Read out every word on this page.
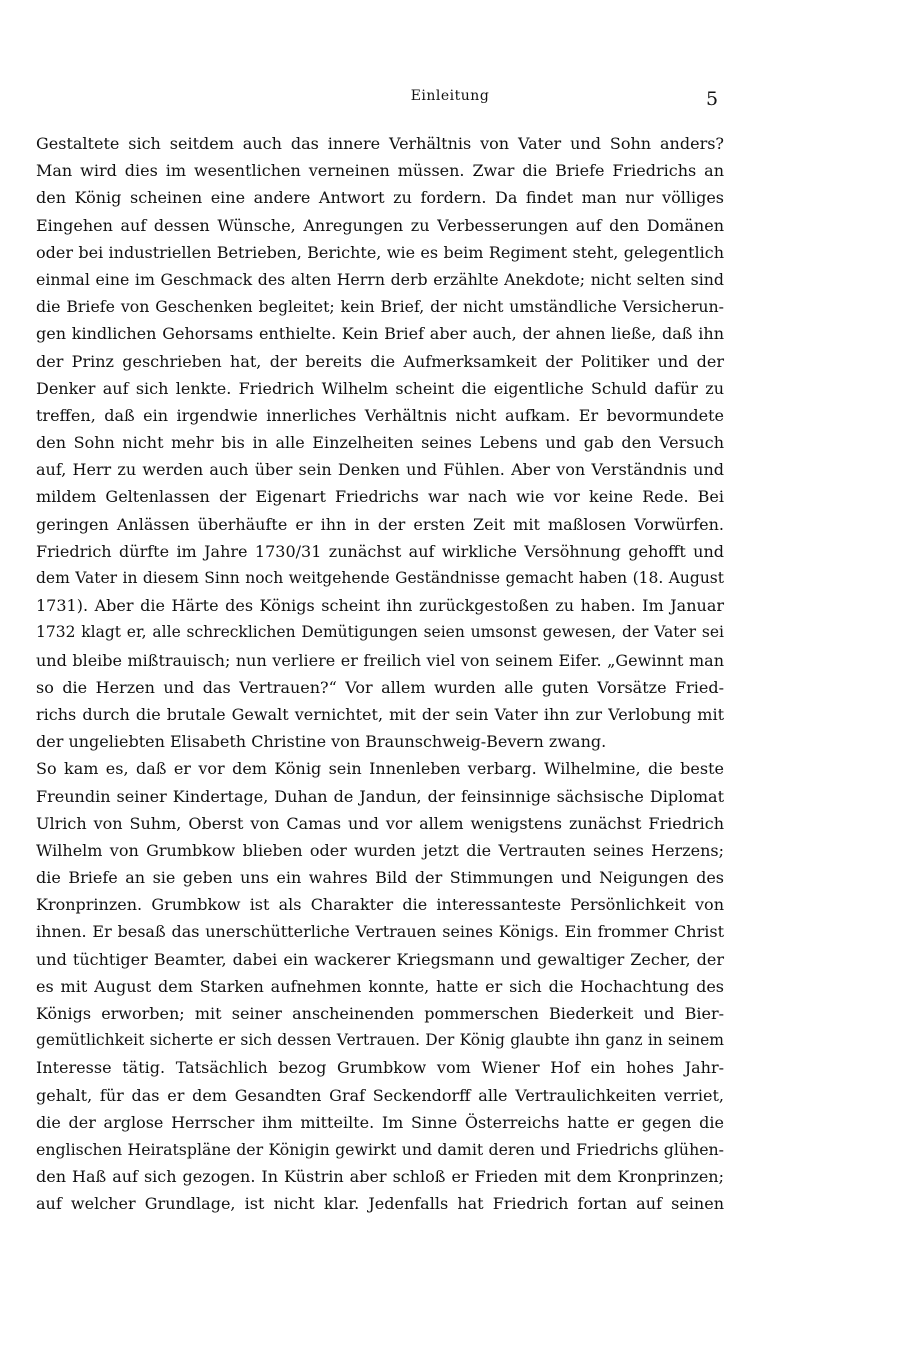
Einleitung	5
Gestaltete sich seitdem auch das innere Verhältnis von Vater und Sohn anders?
Man wird dies im wesentlichen verneinen müssen. Zwar die Briefe Friedrichs an
den König scheinen eine andere Antwort zu fordern. Da findet man nur völliges
Eingehen auf dessen Wünsche, Anregungen zu Verbesserungen auf den Domänen
oder bei industriellen Betrieben, Berichte, wie es beim Regiment steht, gelegentlich
einmal eine im Geschmack des alten Herrn derb erzählte Anekdote; nicht selten sind
die Briefe von Geschenken begleitet; kein Brief, der nicht umständliche Versicherun-
gen kindlichen Gehorsams enthielte. Kein Brief aber auch, der ahnen ließe, daß ihn
der Prinz geschrieben hat, der bereits die Aufmerksamkeit der Politiker und der
Denker auf sich lenkte. Friedrich Wilhelm scheint die eigentliche Schuld dafür zu
treffen, daß ein irgendwie innerliches Verhältnis nicht aufkam. Er bevormundete
den Sohn nicht mehr bis in alle Einzelheiten seines Lebens und gab den Versuch
auf, Herr zu werden auch über sein Denken und Fühlen. Aber von Verständnis und
mildem Geltenlassen der Eigenart Friedrichs war nach wie vor keine Rede. Bei
geringen Anlässen überhäufte er ihn in der ersten Zeit mit maßlosen Vorwürfen.
Friedrich dürfte im Jahre 1730/31 zunächst auf wirkliche Versöhnung gehofft und
dem Vater in diesem Sinn noch weitgehende Geständnisse gemacht haben (18. August
1731). Aber die Härte des Königs scheint ihn zurückgestoßen zu haben. Im Januar
1732 klagt er, alle schrecklichen Demütigungen seien umsonst gewesen, der Vater sei
und bleibe mißtrauisch; nun verliere er freilich viel von seinem Eifer. „Gewinnt man
so die Herzen und das Vertrauen?“ Vor allem wurden alle guten Vorsätze Fried-
richs durch die brutale Gewalt vernichtet, mit der sein Vater ihn zur Verlobung mit
der ungeliebten Elisabeth Christine von Braunschweig-Bevern zwang.
So kam es, daß er vor dem König sein Innenleben verbarg. Wilhelmine, die beste
Freundin seiner Kindertage, Duhan de Jandun, der feinsinnige sächsische Diplomat
Ulrich von Suhm, Oberst von Camas und vor allem wenigstens zunächst Friedrich
Wilhelm von Grumbkow blieben oder wurden jetzt die Vertrauten seines Herzens;
die Briefe an sie geben uns ein wahres Bild der Stimmungen und Neigungen des
Kronprinzen. Grumbkow ist als Charakter die interessanteste Persönlichkeit von
ihnen. Er besaß das unerschütterliche Vertrauen seines Königs. Ein frommer Christ
und tüchtiger Beamter, dabei ein wackerer Kriegsmann und gewaltiger Zecher, der
es mit August dem Starken aufnehmen konnte, hatte er sich die Hochachtung des
Königs erworben; mit seiner anscheinenden pommerschen Biederkeit und Bier-
gemütlichkeit sicherte er sich dessen Vertrauen. Der König glaubte ihn ganz in seinem
Interesse tätig. Tatsächlich bezog Grumbkow vom Wiener Hof ein hohes Jahr-
gehalt, für das er dem Gesandten Graf Seckendorff alle Vertraulichkeiten verriet,
die der arglose Herrscher ihm mitteilte. Im Sinne Österreichs hatte er gegen die
englischen Heiratspläne der Königin gewirkt und damit deren und Friedrichs glühen-
den Haß auf sich gezogen. In Küstrin aber schloß er Frieden mit dem Kronprinzen;
auf welcher Grundlage, ist nicht klar. Jedenfalls hat Friedrich fortan auf seinen
